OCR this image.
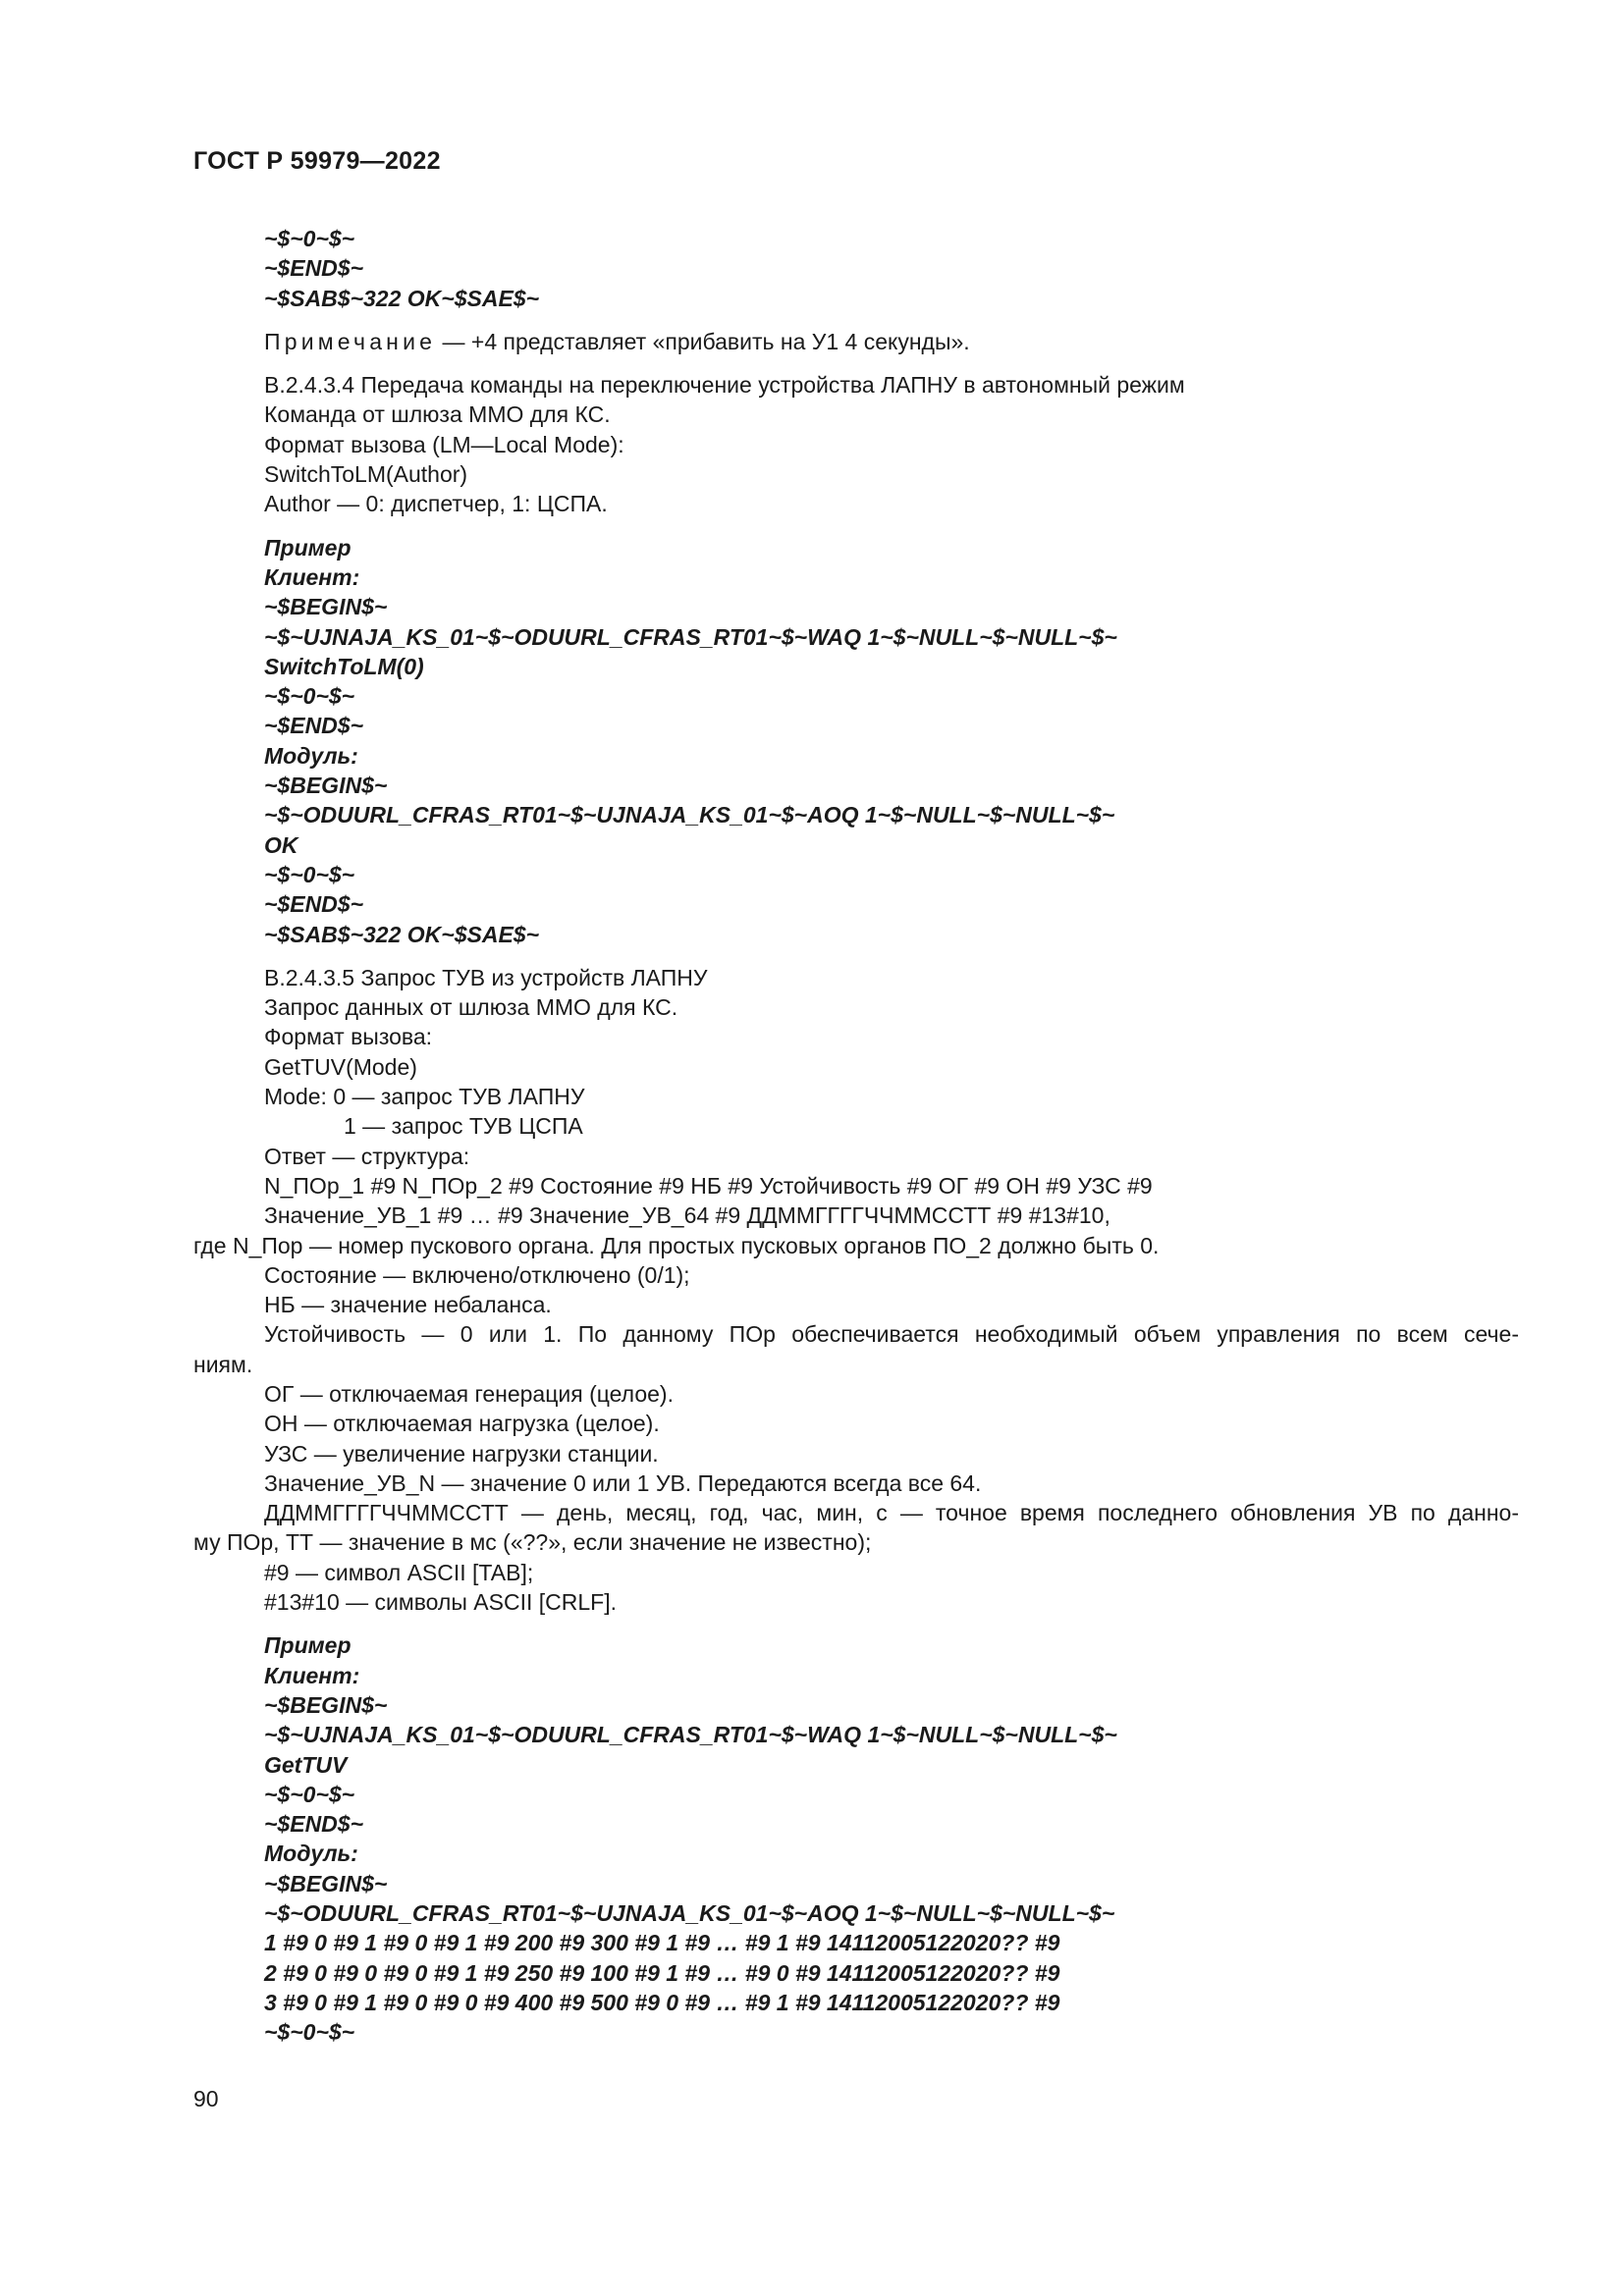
ГОСТ Р 59979—2022
~$~0~$~
~$END$~
~$SAB$~322 OK~$SAE$~
Примечание — +4 представляет «прибавить на У1 4 секунды».
В.2.4.3.4 Передача команды на переключение устройства ЛАПНУ в автономный режим
Команда от шлюза ММО для КС.
Формат вызова (LM—Local Mode):
SwitchToLM(Author)
Author — 0: диспетчер, 1: ЦСПА.
Пример
Клиент:
~$BEGIN$~
~$~UJNAJA_KS_01~$~ODUURL_CFRAS_RT01~$~WAQ 1~$~NULL~$~NULL~$~
SwitchToLM(0)
~$~0~$~
~$END$~
Модуль:
~$BEGIN$~
~$~ODUURL_CFRAS_RT01~$~UJNAJA_KS_01~$~AOQ 1~$~NULL~$~NULL~$~
OK
~$~0~$~
~$END$~
~$SAB$~322 OK~$SAE$~
В.2.4.3.5 Запрос ТУВ из устройств ЛАПНУ
Запрос данных от шлюза ММО для КС.
Формат вызова:
GetTUV(Mode)
Mode: 0 — запрос ТУВ ЛАПНУ
1 — запрос ТУВ ЦСПА
Ответ — структура:
N_ПОр_1 #9 N_ПОр_2 #9 Состояние #9 НБ #9 Устойчивость #9 ОГ #9 ОН #9 УЗС #9
Значение_УВ_1 #9 … #9 Значение_УВ_64 #9 ДДММГГГГЧЧММССТТ #9 #13#10,
где N_Пор — номер пускового органа. Для простых пусковых органов ПО_2 должно быть 0.
Состояние — включено/отключено (0/1);
НБ — значение небаланса.
Устойчивость — 0 или 1. По данному ПОр обеспечивается необходимый объем управления по всем сече-
ниям.
ОГ — отключаемая генерация (целое).
ОН — отключаемая нагрузка (целое).
УЗС — увеличение нагрузки станции.
Значение_УВ_N — значение 0 или 1 УВ. Передаются всегда все 64.
ДДММГГГГЧЧММССТТ — день, месяц, год, час, мин, с — точное время последнего обновления УВ по данно-
му ПОр, ТТ — значение в мс («??», если значение не известно);
#9 — символ ASCII [TAB];
#13#10 — символы ASCII [CRLF].
Пример
Клиент:
~$BEGIN$~
~$~UJNAJA_KS_01~$~ODUURL_CFRAS_RT01~$~WAQ 1~$~NULL~$~NULL~$~
GetTUV
~$~0~$~
~$END$~
Модуль:
~$BEGIN$~
~$~ODUURL_CFRAS_RT01~$~UJNAJA_KS_01~$~AOQ 1~$~NULL~$~NULL~$~
1 #9 0 #9 1 #9 0 #9 1 #9 200 #9 300 #9 1 #9 … #9 1 #9 14112005122020?? #9
2 #9 0 #9 0 #9 0 #9 1 #9 250 #9 100 #9 1 #9 … #9 0 #9 14112005122020?? #9
3 #9 0 #9 1 #9 0 #9 0 #9 400 #9 500 #9 0 #9 … #9 1 #9 14112005122020?? #9
~$~0~$~
90
